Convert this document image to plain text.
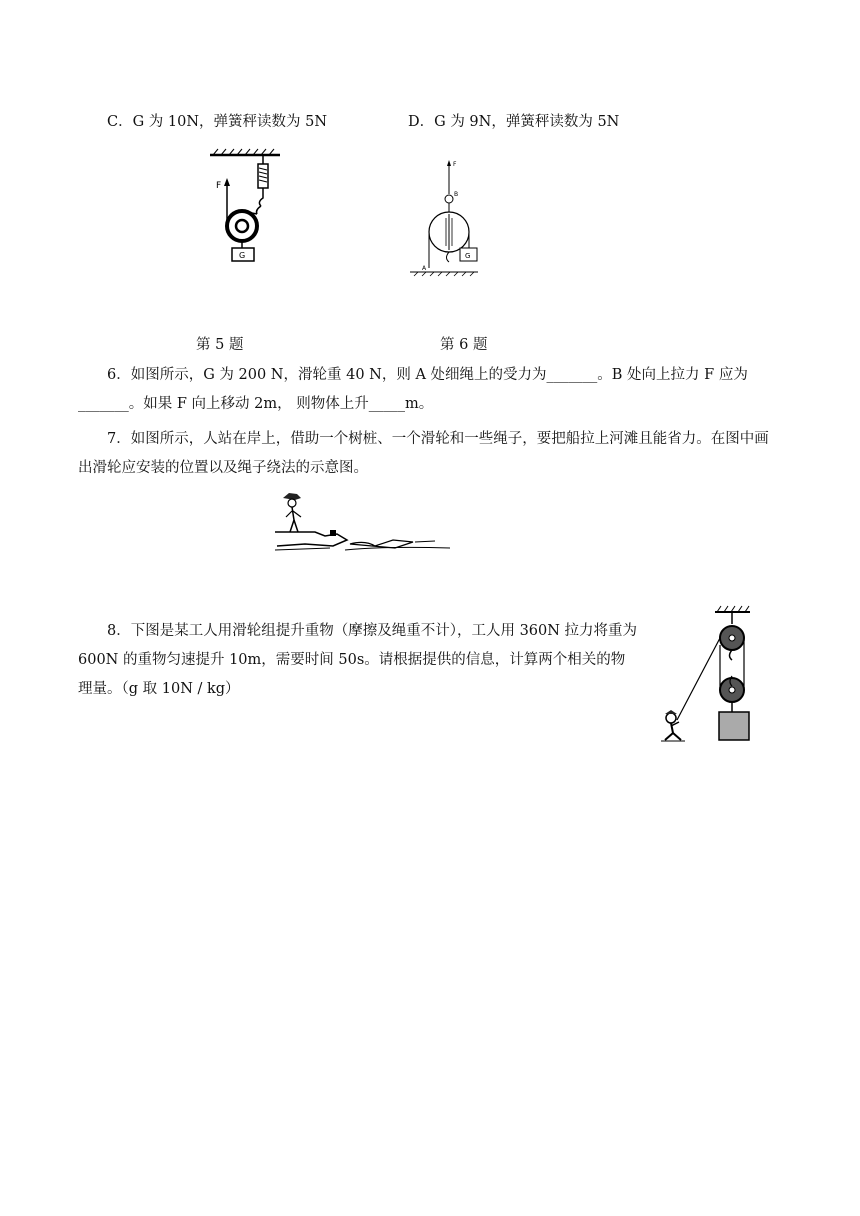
C．G 为 10N，弹簧秤读数为 5N	D．G 为 9N，弹簧秤读数为 5N
F
G
F
B
G
A
第 5 题	第 6 题
6．如图所示，G 为 200 N，滑轮重 40 N，则 A 处细绳上的受力为_______。B 处向上拉力 F 应为_______。如果 F 向上移动 2m， 则物体上升_____m。
7．如图所示，人站在岸上，借助一个树桩、一个滑轮和一些绳子，要把船拉上河滩且能省力。在图中画出滑轮应安装的位置以及绳子绕法的示意图。
8．下图是某工人用滑轮组提升重物（摩擦及绳重不计），工人用 360N 拉力将重为 600N 的重物匀速提升 10m，需要时间 50s。请根据提供的信息，计算两个相关的物理量。（g 取 10N / kg）
